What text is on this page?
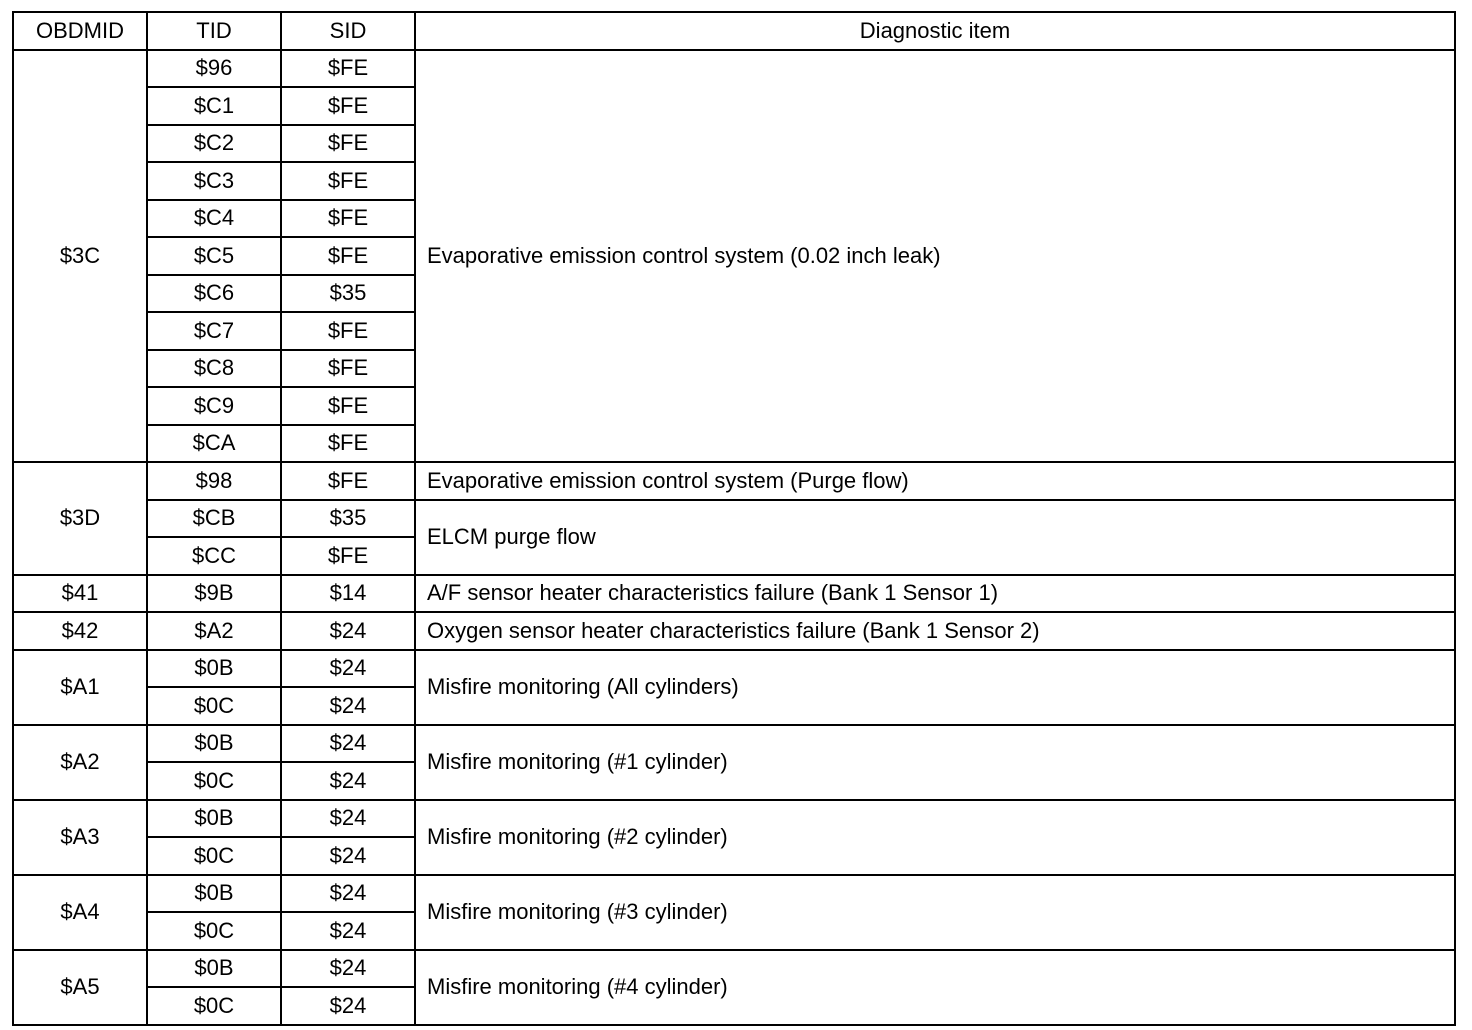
OBDMID	TID	SID	Diagnostic item
$3C	$96	$FE	Evaporative emission control system (0.02 inch leak)
	$C1	$FE	
	$C2	$FE	
	$C3	$FE	
	$C4	$FE	
	$C5	$FE	
	$C6	$35	
	$C7	$FE	
	$C8	$FE	
	$C9	$FE	
	$CA	$FE	
$3D	$98	$FE	Evaporative emission control system (Purge flow)
	$CB	$35	ELCM purge flow
	$CC	$FE	
$41	$9B	$14	A/F sensor heater characteristics failure (Bank 1 Sensor 1)
$42	$A2	$24	Oxygen sensor heater characteristics failure (Bank 1 Sensor 2)
$A1	$0B	$24	Misfire monitoring (All cylinders)
	$0C	$24	
$A2	$0B	$24	Misfire monitoring (#1 cylinder)
	$0C	$24	
$A3	$0B	$24	Misfire monitoring (#2 cylinder)
	$0C	$24	
$A4	$0B	$24	Misfire monitoring (#3 cylinder)
	$0C	$24	
$A5	$0B	$24	Misfire monitoring (#4 cylinder)
	$0C	$24	
